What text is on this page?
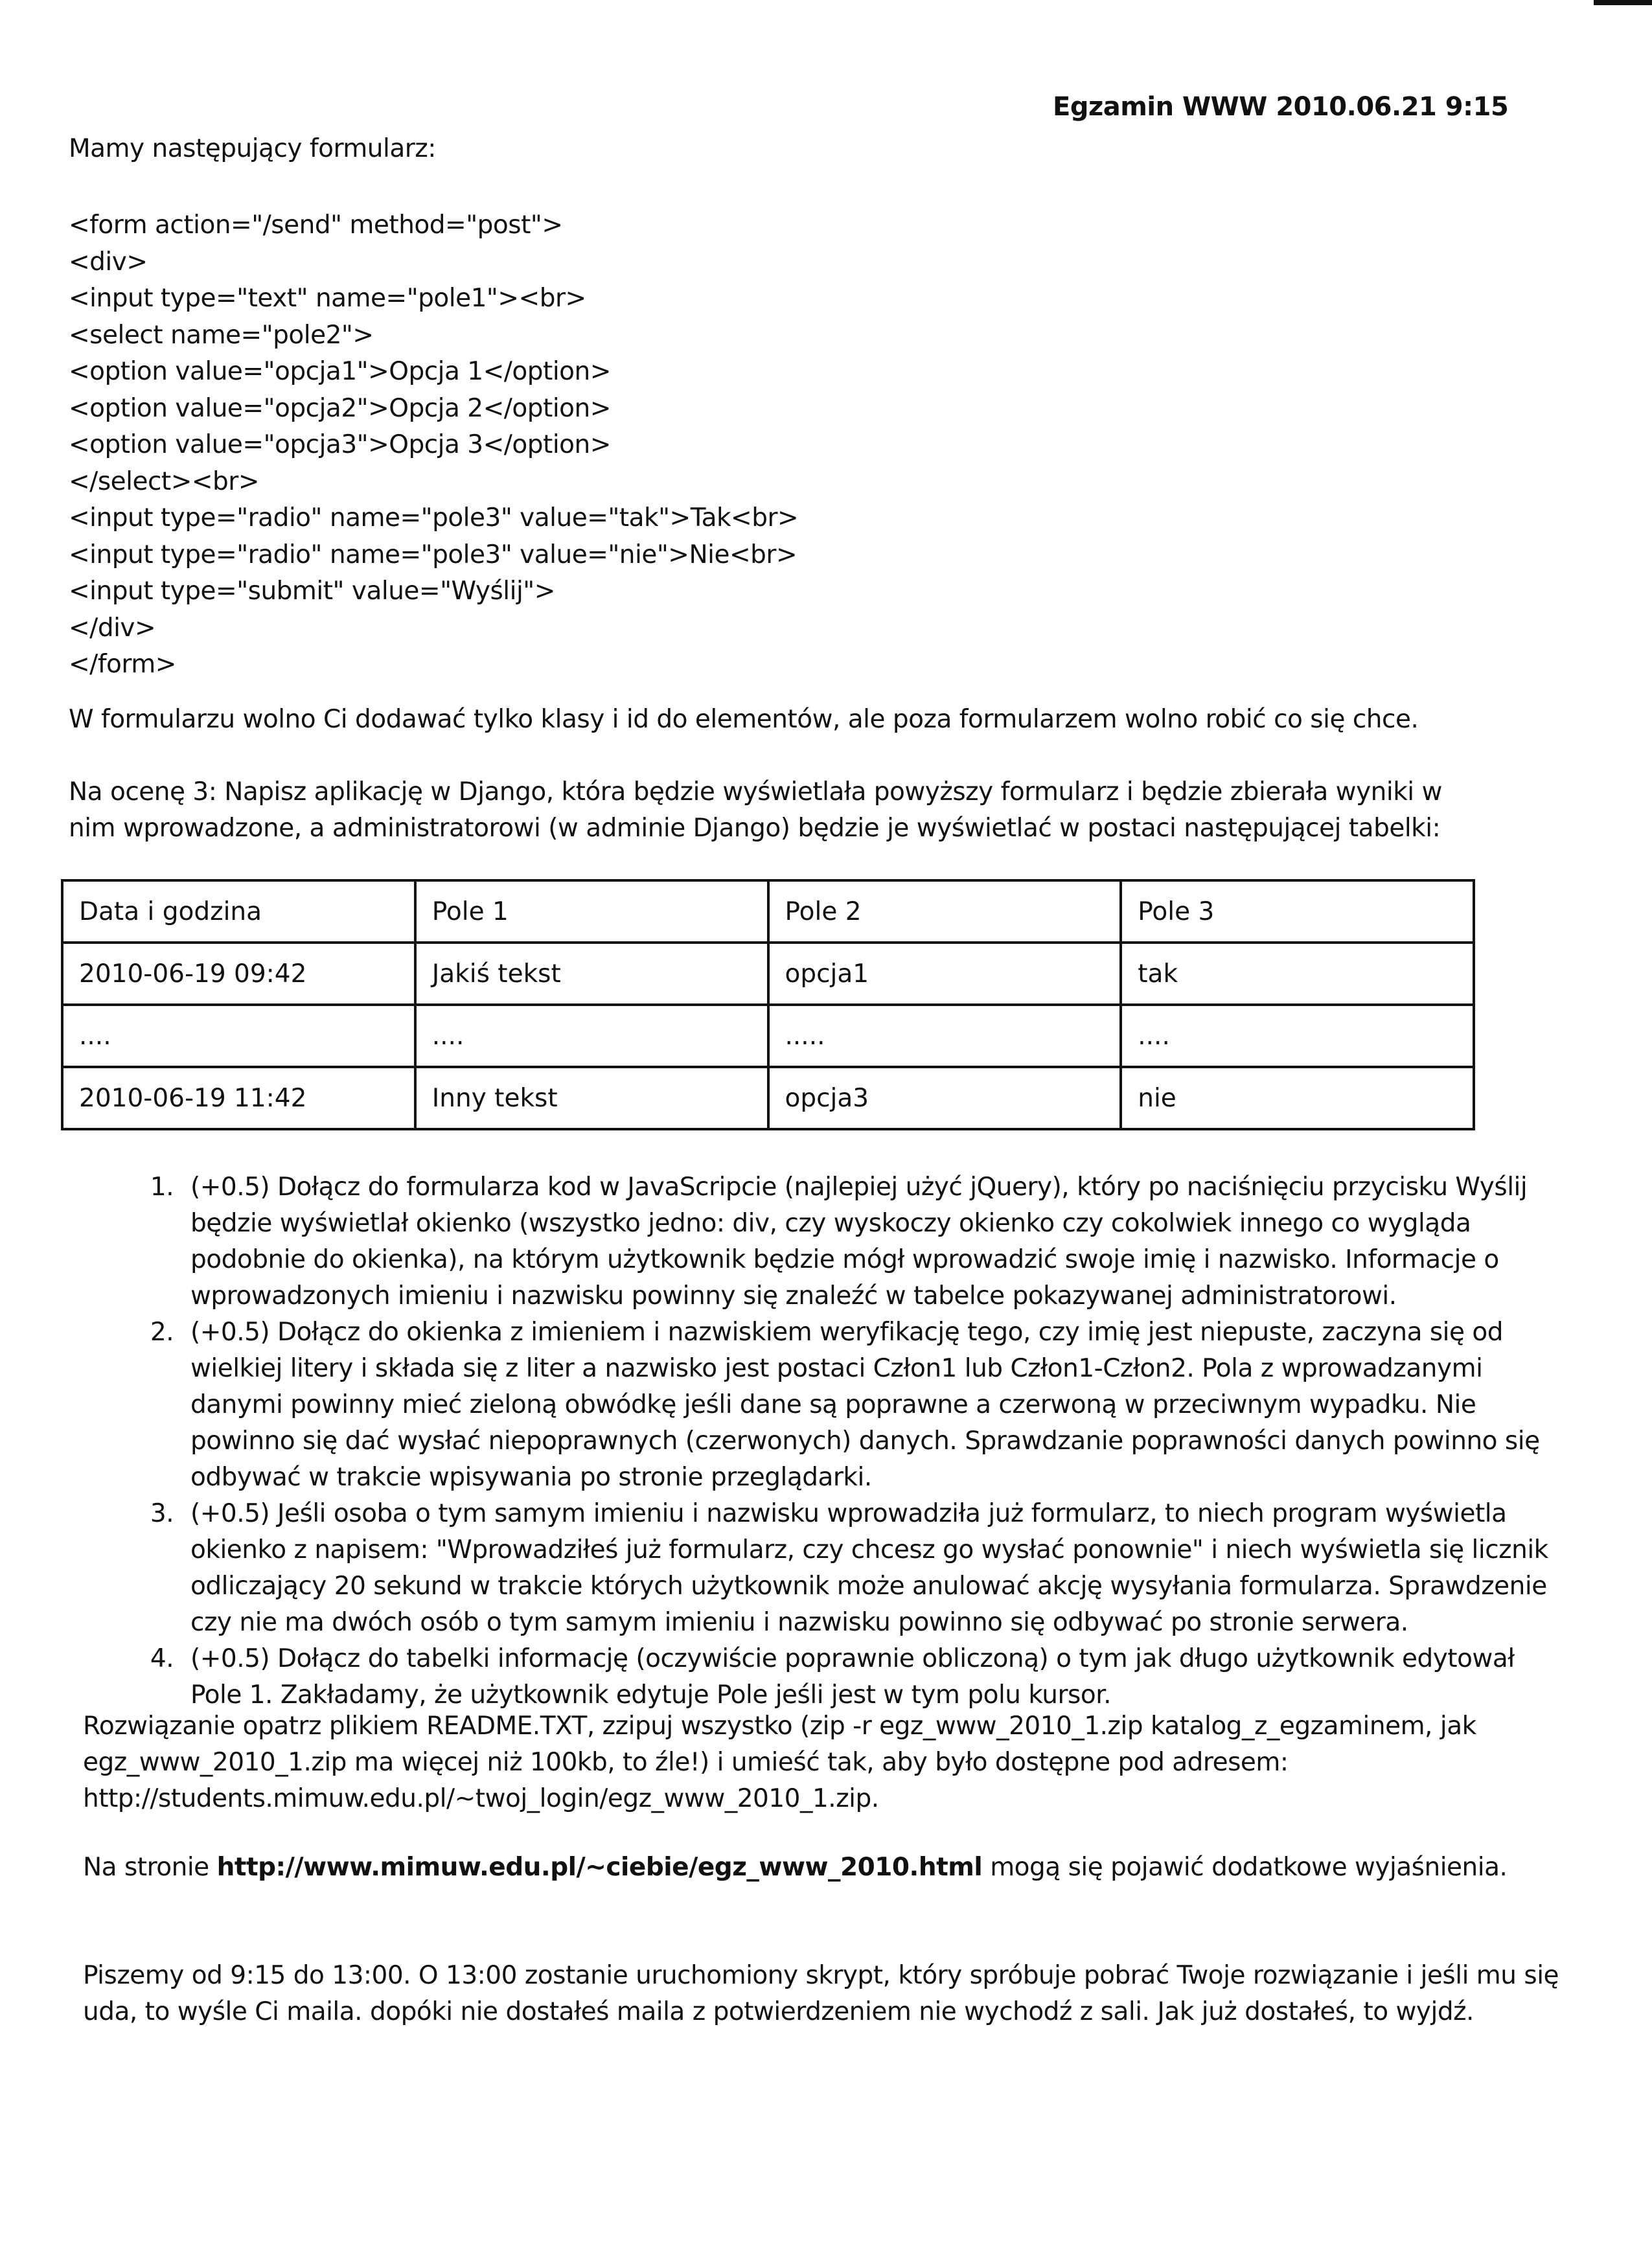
Egzamin WWW 2010.06.21 9:15
Mamy następujący formularz:
<form action="/send" method="post">
<div>
<input type="text" name="pole1"><br>
<select name="pole2">
<option value="opcja1">Opcja 1</option>
<option value="opcja2">Opcja 2</option>
<option value="opcja3">Opcja 3</option>
</select><br>
<input type="radio" name="pole3" value="tak">Tak<br>
<input type="radio" name="pole3" value="nie">Nie<br>
<input type="submit" value="Wyślij">
</div>
</form>
W formularzu wolno Ci dodawać tylko klasy i id do elementów, ale poza formularzem wolno robić co się chce.
Na ocenę 3: Napisz aplikację w Django, która będzie wyświetlała powyższy formularz i będzie zbierała wyniki w nim wprowadzone, a administratorowi (w adminie Django) będzie je wyświetlać w postaci następującej tabelki:
Data i godzina	Pole 1	Pole 2	Pole 3
2010-06-19 09:42	Jakiś tekst	opcja1	tak
....	....	.....	....
2010-06-19 11:42	Inny tekst	opcja3	nie
1. (+0.5) Dołącz do formularza kod w JavaScripcie (najlepiej użyć jQuery), który po naciśnięciu przycisku Wyślij będzie wyświetlał okienko (wszystko jedno: div, czy wyskoczy okienko czy cokolwiek innego co wygląda podobnie do okienka), na którym użytkownik będzie mógł wprowadzić swoje imię i nazwisko. Informacje o wprowadzonych imieniu i nazwisku powinny się znaleźć w tabelce pokazywanej administratorowi.
2. (+0.5) Dołącz do okienka z imieniem i nazwiskiem weryfikację tego, czy imię jest niepuste, zaczyna się od wielkiej litery i składa się z liter a nazwisko jest postaci Człon1 lub Człon1-Człon2. Pola z wprowadzanymi danymi powinny mieć zieloną obwódkę jeśli dane są poprawne a czerwoną w przeciwnym wypadku. Nie powinno się dać wysłać niepoprawnych (czerwonych) danych. Sprawdzanie poprawności danych powinno się odbywać w trakcie wpisywania po stronie przeglądarki.
3. (+0.5) Jeśli osoba o tym samym imieniu i nazwisku wprowadziła już formularz, to niech program wyświetla okienko z napisem: "Wprowadziłeś już formularz, czy chcesz go wysłać ponownie" i niech wyświetla się licznik odliczający 20 sekund w trakcie których użytkownik może anulować akcję wysyłania formularza. Sprawdzenie czy nie ma dwóch osób o tym samym imieniu i nazwisku powinno się odbywać po stronie serwera.
4. (+0.5) Dołącz do tabelki informację (oczywiście poprawnie obliczoną) o tym jak długo użytkownik edytował Pole 1. Zakładamy, że użytkownik edytuje Pole jeśli jest w tym polu kursor.
Rozwiązanie opatrz plikiem README.TXT, zzipuj wszystko (zip -r egz_www_2010_1.zip katalog_z_egzaminem, jak egz_www_2010_1.zip ma więcej niż 100kb, to źle!) i umieść tak, aby było dostępne pod adresem: http://students.mimuw.edu.pl/~twoj_login/egz_www_2010_1.zip.
Na stronie http://www.mimuw.edu.pl/~ciebie/egz_www_2010.html mogą się pojawić dodatkowe wyjaśnienia.
Piszemy od 9:15 do 13:00. O 13:00 zostanie uruchomiony skrypt, który spróbuje pobrać Twoje rozwiązanie i jeśli mu się uda, to wyśle Ci maila. dopóki nie dostałeś maila z potwierdzeniem nie wychodź z sali. Jak już dostałeś, to wyjdź.
